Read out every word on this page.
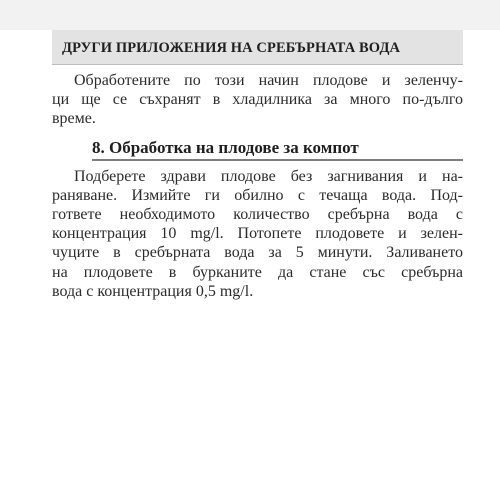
ДРУГИ ПРИЛОЖЕНИЯ НА СРЕБЪРНАТА ВОДА
Обработените по този начин плодове и зеленчу-
ци ще се съхранят в хладилника за много по-дълго
време.
8. Обработка на плодове за компот
Подберете здрави плодове без загнивания и на-
раняване. Измийте ги обилно с течаща вода. Под-
гответе необходимото количество сребърна вода с
концентрация 10 mg/l. Потопете плодовете и зелен-
чуците в сребърната вода за 5 минути. Заливането
на плодовете в бурканите да стане със сребърна
вода с концентрация 0,5 mg/l.
